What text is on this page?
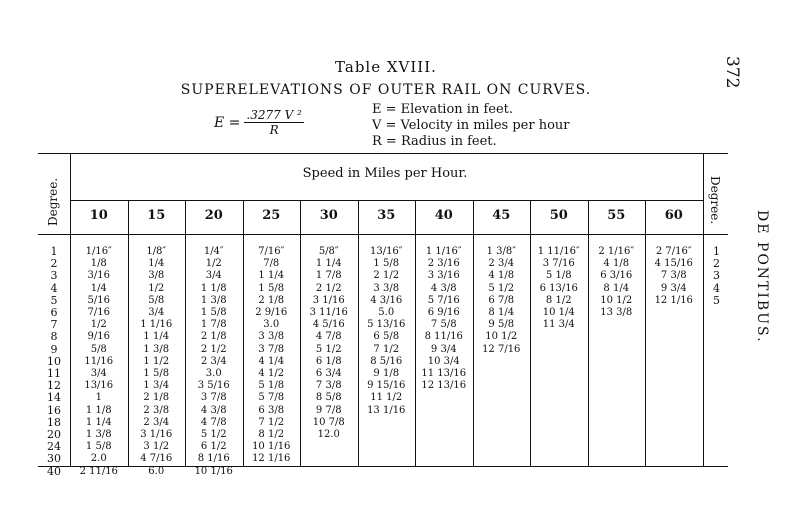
372
DE PONTIBUS.
Table XVIII.
SUPERELEVATIONS OF OUTER RAIL ON CURVES.
$E = \frac{\text{.3277 V ²}}{R}$	E = Elevation in feet.
V = Velocity in miles per hour
R = Radius in feet.
Speed in Miles per Hour.
Degree.	Degree.
1
2
3
4
5
6
7
8
9
10
11
12
14
16
18
20
24
30
40
1
2
3
4
5
10
1/16″
1/8
3/16
1/4
5/16
7/16
1/2
9/16
5/8
11/16
3/4
13/16
1
1 1/8
1 1/4
1 3/8
1 5/8
2.0
2 11/16
15
1/8″
1/4
3/8
1/2
5/8
3/4
1 1/16
1 1/4
1 3/8
1 1/2
1 5/8
1 3/4
2 1/8
2 3/8
2 3/4
3 1/16
3 1/2
4 7/16
6.0
20
1/4″
1/2
3/4
1 1/8
1 3/8
1 5/8
1 7/8
2 1/8
2 1/2
2 3/4
3.0
3 5/16
3 7/8
4 3/8
4 7/8
5 1/2
6 1/2
8 1/16
10 1/16
25
7/16″
7/8
1 1/4
1 5/8
2 1/8
2 9/16
3.0
3 3/8
3 7/8
4 1/4
4 1/2
5 1/8
5 7/8
6 3/8
7 1/2
8 1/2
10 1/16
12 1/16
30
5/8″
1 1/4
1 7/8
2 1/2
3 1/16
3 11/16
4 5/16
4 7/8
5 1/2
6 1/8
6 3/4
7 3/8
8 5/8
9 7/8
10 7/8
12.0
35
13/16″
1 5/8
2 1/2
3 3/8
4 3/16
5.0
5 13/16
6 5/8
7 1/2
8 5/16
9 1/8
9 15/16
11 1/2
13 1/16
40
1 1/16″
2 3/16
3 3/16
4 3/8
5 7/16
6 9/16
7 5/8
8 11/16
9 3/4
10 3/4
11 13/16
12 13/16
45
1 3/8″
2 3/4
4 1/8
5 1/2
6 7/8
8 1/4
9 5/8
10 1/2
12 7/16
50
1 11/16″
3 7/16
5 1/8
6 13/16
8 1/2
10 1/4
11 3/4
55
2 1/16″
4 1/8
6 3/16
8 1/4
10 1/2
13 3/8
60
2 7/16″
4 15/16
7 3/8
9 3/4
12 1/16
